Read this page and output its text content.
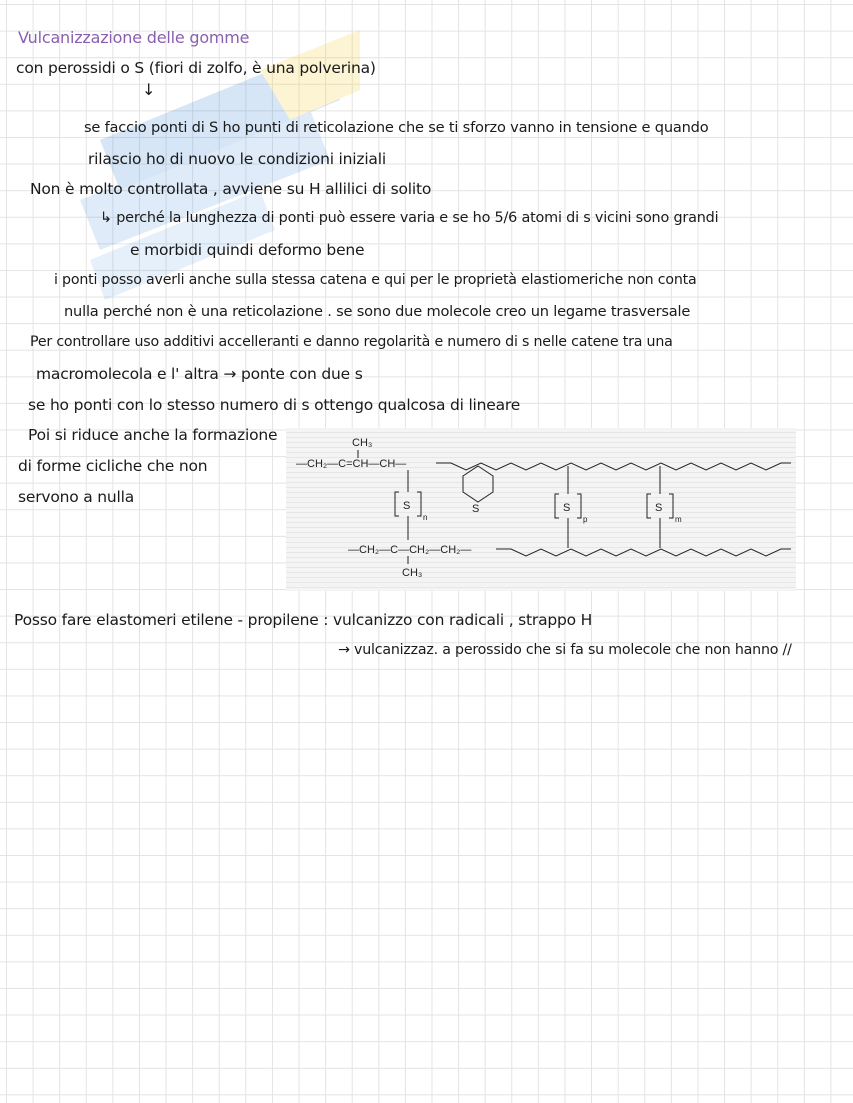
Vulcanizzazione delle gomme
con perossidi o S (fiori di zolfo, è una polverina)
↓
se faccio ponti di S ho punti di reticolazione che se ti sforzo vanno in tensione e quando
rilascio ho di nuovo le condizioni iniziali
Non è molto controllata , avviene su H allilici di solito
↳ perché la lunghezza di ponti può essere varia e se ho 5/6 atomi di s vicini sono grandi
e morbidi quindi deformo bene
i ponti posso averli anche sulla stessa catena e qui per le proprietà elastiomeriche non conta
nulla perché non è una reticolazione . se sono due molecole creo un legame trasversale
Per controllare uso additivi accelleranti e danno regolarità e numero di s nelle catene tra una
macromolecola e l' altra → ponte con due s
se ho ponti con lo stesso numero di s ottengo qualcosa di lineare
Poi si riduce anche la formazione
di forme cicliche che non
servono a nulla
CH₃
—CH₂—C=CH—CH—
S
S
n
S
p
S
m
—CH₂—C—CH₂—CH₂—
CH₃
Posso fare elastomeri etilene - propilene : vulcanizzo con radicali , strappo H
→ vulcanizzaz. a perossido che si fa su molecole che non hanno //
